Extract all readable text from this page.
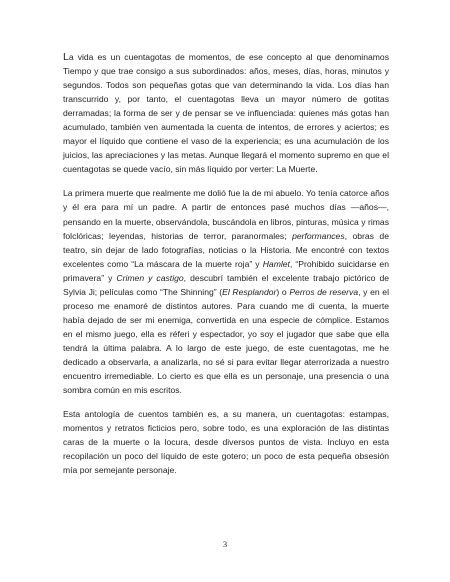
La vida es un cuentagotas de momentos, de ese concepto al que denominamos Tiempo y que trae consigo a sus subordinados: años, meses, días, horas, minutos y segundos. Todos son pequeñas gotas que van determinando la vida. Los días han transcurrido y, por tanto, el cuentagotas lleva un mayor número de gotitas derramadas; la forma de ser y de pensar se ve influenciada: quienes más gotas han acumulado, también ven aumentada la cuenta de intentos, de errores y aciertos; es mayor el líquido que contiene el vaso de la experiencia; es una acumulación de los juicios, las apreciaciones y las metas. Aunque llegará el momento supremo en que el cuentagotas se quede vacío, sin más líquido por verter: La Muerte.

La primera muerte que realmente me dolió fue la de mi abuelo. Yo tenía catorce años y él era para mí un padre. A partir de entonces pasé muchos días —años—, pensando en la muerte, observándola, buscándola en libros, pinturas, música y rimas folclóricas; leyendas, historias de terror, paranormales; performances, obras de teatro, sin dejar de lado fotografías, noticias o la Historia. Me encontré con textos excelentes como “La máscara de la muerte roja” y Hamlet, “Prohibido suicidarse en primavera” y Crimen y castigo, descubrí también el excelente trabajo pictórico de Sylvia Ji; películas como “The Shinning” (El Resplandor) o Perros de reserva, y en el proceso me enamoré de distintos autores. Para cuando me di cuenta, la muerte había dejado de ser mi enemiga, convertida en una especie de cómplice. Estamos en el mismo juego, ella es réferi y espectador, yo soy el jugador que sabe que ella tendrá la última palabra. A lo largo de este juego, de este cuentagotas, me he dedicado a observarla, a analizarla, no sé si para evitar llegar aterrorizada a nuestro encuentro irremediable. Lo cierto es que ella es un personaje, una presencia o una sombra común en mis escritos.

Esta antología de cuentos también es, a su manera, un cuentagotas: estampas, momentos y retratos ficticios pero, sobre todo, es una exploración de las distintas caras de la muerte o la locura, desde diversos puntos de vista. Incluyo en esta recopilación un poco del líquido de este gotero; un poco de esta pequeña obsesión mía por semejante personaje.

3
